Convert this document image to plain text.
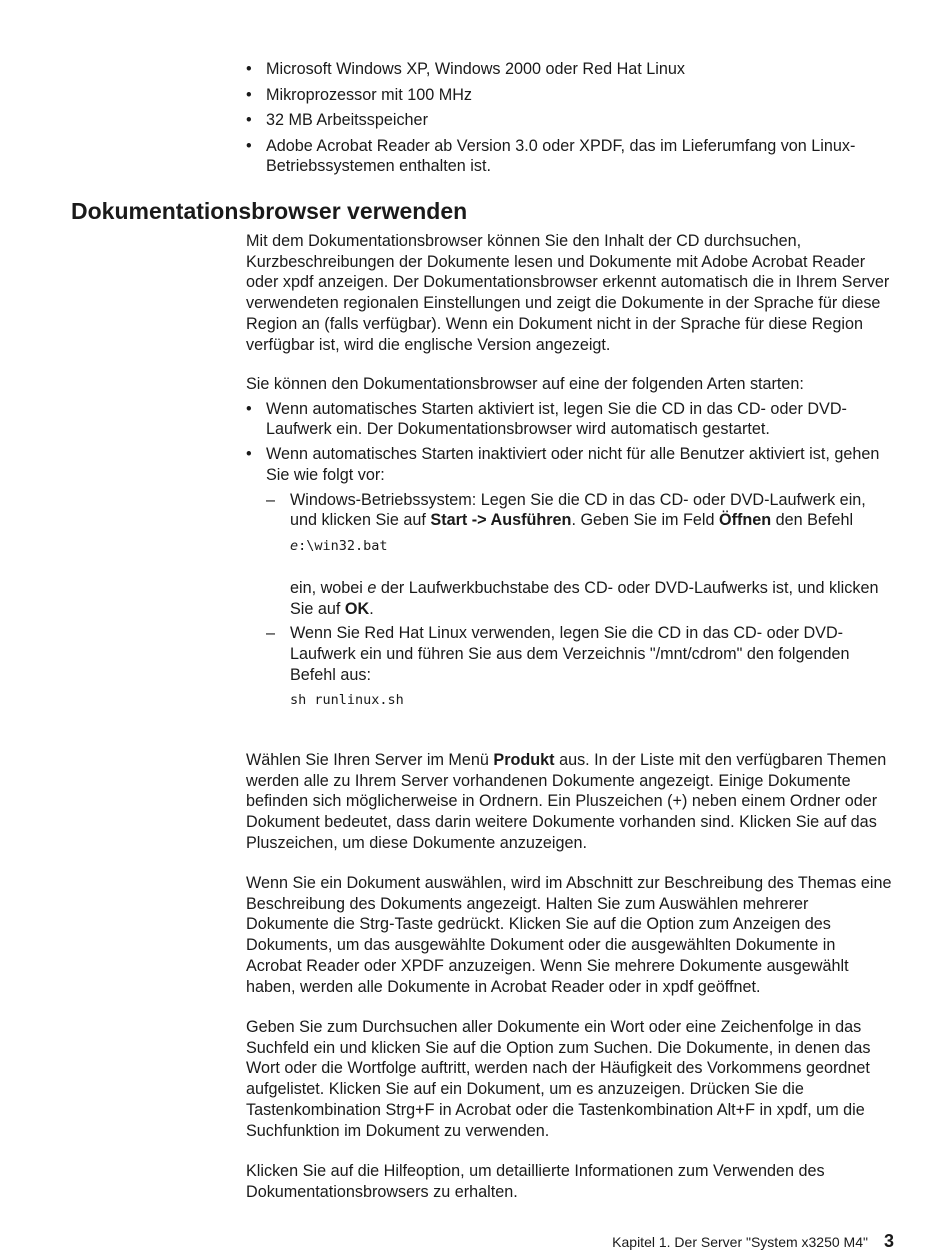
• Microsoft Windows XP, Windows 2000 oder Red Hat Linux
• Mikroprozessor mit 100 MHz
• 32 MB Arbeitsspeicher
• Adobe Acrobat Reader ab Version 3.0 oder XPDF, das im Lieferumfang von Linux-Betriebssystemen enthalten ist.
Dokumentationsbrowser verwenden

Mit dem Dokumentationsbrowser können Sie den Inhalt der CD durchsuchen, Kurzbeschreibungen der Dokumente lesen und Dokumente mit Adobe Acrobat Reader oder xpdf anzeigen. Der Dokumentationsbrowser erkennt automatisch die in Ihrem Server verwendeten regionalen Einstellungen und zeigt die Dokumente in der Sprache für diese Region an (falls verfügbar). Wenn ein Dokument nicht in der Sprache für diese Region verfügbar ist, wird die englische Version angezeigt.

Sie können den Dokumentationsbrowser auf eine der folgenden Arten starten:

• Wenn automatisches Starten aktiviert ist, legen Sie die CD in das CD- oder DVD-Laufwerk ein. Der Dokumentationsbrowser wird automatisch gestartet.
• Wenn automatisches Starten inaktiviert oder nicht für alle Benutzer aktiviert ist, gehen Sie wie folgt vor:
– Windows-Betriebssystem: Legen Sie die CD in das CD- oder DVD-Laufwerk ein, und klicken Sie auf Start -> Ausführen. Geben Sie im Feld Öffnen den Befehl
e:\win32.bat
ein, wobei e der Laufwerkbuchstabe des CD- oder DVD-Laufwerks ist, und klicken Sie auf OK.
– Wenn Sie Red Hat Linux verwenden, legen Sie die CD in das CD- oder DVD-Laufwerk ein und führen Sie aus dem Verzeichnis "/mnt/cdrom" den folgenden Befehl aus:
sh runlinux.sh

Wählen Sie Ihren Server im Menü Produkt aus. In der Liste mit den verfügbaren Themen werden alle zu Ihrem Server vorhandenen Dokumente angezeigt. Einige Dokumente befinden sich möglicherweise in Ordnern. Ein Pluszeichen (+) neben einem Ordner oder Dokument bedeutet, dass darin weitere Dokumente vorhanden sind. Klicken Sie auf das Pluszeichen, um diese Dokumente anzuzeigen.

Wenn Sie ein Dokument auswählen, wird im Abschnitt zur Beschreibung des Themas eine Beschreibung des Dokuments angezeigt. Halten Sie zum Auswählen mehrerer Dokumente die Strg-Taste gedrückt. Klicken Sie auf die Option zum Anzeigen des Dokuments, um das ausgewählte Dokument oder die ausgewählten Dokumente in Acrobat Reader oder XPDF anzuzeigen. Wenn Sie mehrere Dokumente ausgewählt haben, werden alle Dokumente in Acrobat Reader oder in xpdf geöffnet.

Geben Sie zum Durchsuchen aller Dokumente ein Wort oder eine Zeichenfolge in das Suchfeld ein und klicken Sie auf die Option zum Suchen. Die Dokumente, in denen das Wort oder die Wortfolge auftritt, werden nach der Häufigkeit des Vorkommens geordnet aufgelistet. Klicken Sie auf ein Dokument, um es anzuzeigen. Drücken Sie die Tastenkombination Strg+F in Acrobat oder die Tastenkombination Alt+F in xpdf, um die Suchfunktion im Dokument zu verwenden.

Klicken Sie auf die Hilfeoption, um detaillierte Informationen zum Verwenden des Dokumentationsbrowsers zu erhalten.

Kapitel 1. Der Server "System x3250 M4" 3
